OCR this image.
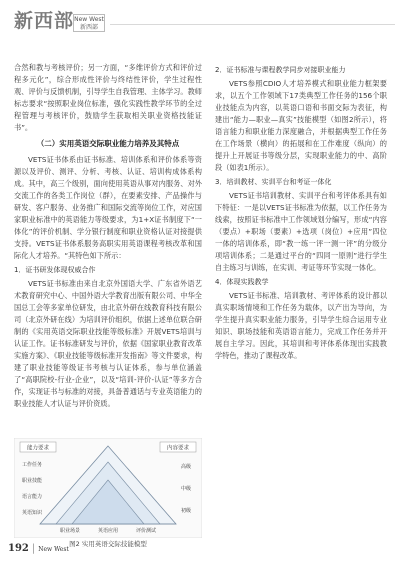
新西部 New West
新西部

合然和教与考核评价；另一方面，“多维评价方式和评价过程多元化”，综合形成性评价与终结性评价，学生过程性观、评价与反馈机制，引导学生自我管理、主体学习。教师标志要求“按照职业岗位标准，强化实践性教学环节的全过程管理与考核评价，鼓励学生获取相关职业资格技能证书”。

（二）实用英语交际职业能力培养及其特点

VETS证书体系由证书标准、培训体系和评价体系等资源以及评价、测评、分析、考核、认证、培训构成体系构成。其中，高三个级别，面向使用英语从事对内服务、对外交流工作的各类工作岗位（群），在要素安排、产品操作与研发、客户服务、业务推广和国际交流等岗位工作，对应国家职业标准中的英语能力等级要求，为1+X证书制度下“一体化”的评价机制、学分银行制度和职业资格认证对接提供支持。VETS证书体系服务高职实用英语课程考核改革和国际化人才培养。“其特色如下所示：

1．证书研发体现权威合作

VETS证书标准由来自北京外国语大学、广东省外语艺术教育研究中心、中国外语大学教育出版有限公司、中华全国总工会等多家单位研发，由北京外研在线教育科技有限公司（北京外研在线）为培训评价组织，依据上述单位联合研制的《实用英语交际职业技能等级标准》开展VETS培训与认证工作。证书标准研发与评价，依据《国家职业教育改革实施方案》、《职业技能等级标准开发指南》等文件要求，构建了职业技能等级证书考核与认证体系，参与单位涵盖了“高职院校-行业-企业”，以及“培训-评价-认证”等多方合作，实现证书与标准的对接，具备普通话与专业英语能力的职业技能人才认证与评价资质。

2．证书标准与课程教学同步对接职业能力

VETS参照CDIO人才培养模式和职业能力框架要求，以五个工作领域下17类典型工作任务的156个职业技能点为内容，以英语口语和书面交际为表征，构建出“能力—职业—真实”技能模型（如图2所示），将语言能力和职业能力深度融合，并根据典型工作任务在工作场景（横向）的拓展和在工作难度（纵向）的提升上开展证书等级分层，实现职业能力的中、高阶段（如表1所示）。

3．培训教材、实训平台和考证一体化

VETS证书培训教材、实训平台和考评体系具有如下特征：一是以VETS证书标准为依据，以工作任务为线索，按照证书标准中工作领域划分编写，形成“内容（要点）+职场（要素）+选项（岗位）+应用”四位一体的培训体系，即“教一练一评一测一评”的分级分项培训体系；二是通过平台的“四同一原则”进行学生自主练习与训练，在实训、考证等环节实现一体化。

4．体现实践教学

VETS证书标准、培训教材、考评体系的设计都以真实职场情境和工作任务为载体，以产出为导向，为学生提升真实职业能力服务，引导学生综合运用专业知识、职场技能和英语语言能力，完成工作任务并开展自主学习。因此，其培训和考评体系体现出实践教学特色，推动了课程改革。

能力要求	内容要求
工作任务
职业技能
语言能力
英语知识
高级
中级
初级
职业场景	英语应用	评价测试
图2 实用英语交际技能模型
192 | New West
